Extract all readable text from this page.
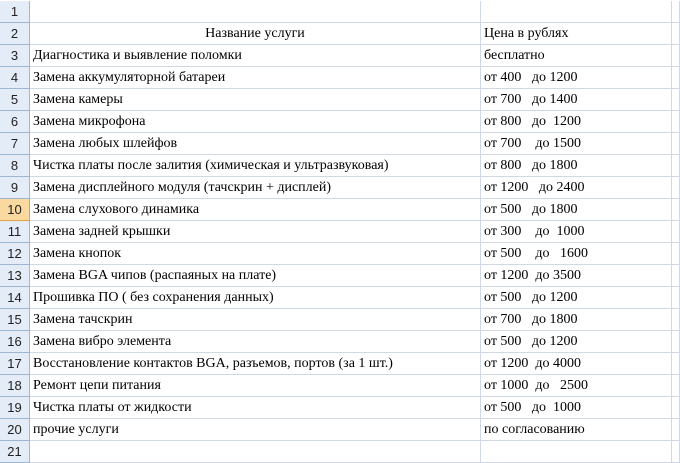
1
2	Название услуги	Цена в рублях
3	Диагностика и выявление поломки	бесплатно
4	Замена аккумуляторной батареи	от 400   до 1200
5	Замена камеры	от 700   до 1400
6	Замена микрофона	от 800   до  1200
7	Замена любых шлейфов	от 700    до 1500
8	Чистка платы после залития (химическая и ультразвуковая)	от 800   до 1800
9	Замена дисплейного модуля (тачскрин + дисплей)	от 1200   до 2400
10 Замена слухового динамика	от 500   до 1800
11 Замена задней крышки	от 300    до  1000
12 Замена кнопок	от 500    до   1600
13 Замена BGA чипов (распаяных на плате)	от 1200  до 3500
14 Прошивка ПО ( без сохранения данных)	от 500   до 1200
15 Замена тачскрин	от 700   до 1800
16 Замена вибро элемента	от 500   до 1200
17 Восстановление контактов BGA, разъемов, портов (за 1 шт.)	от 1200  до 4000
18 Ремонт цепи питания	от 1000  до   2500
19 Чистка платы от жидкости	от 500   до  1000
20 прочие услуги	по согласованию
21
